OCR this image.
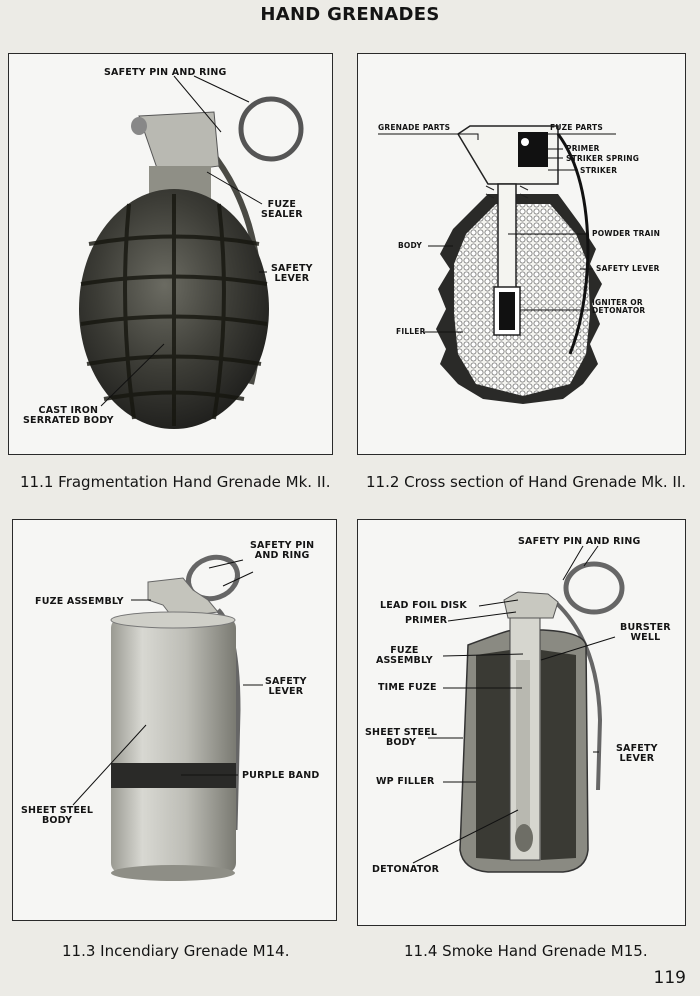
HAND GRENADES
SAFETY PIN AND RING
FUZE
SEALER
SAFETY
LEVER
CAST IRON
SERRATED BODY
11.1 Fragmentation Hand Grenade Mk. II.
GRENADE PARTS	FUZE PARTS
PRIMER
STRIKER SPRING
STRIKER
BODY
POWDER TRAIN
SAFETY LEVER
IGNITER OR
DETONATOR
FILLER
11.2 Cross section of Hand Grenade Mk. II.
SAFETY PIN
AND RING
FUZE ASSEMBLY
SAFETY
LEVER
PURPLE BAND
SHEET STEEL
BODY
11.3 Incendiary Grenade M14.
SAFETY PIN AND RING
LEAD FOIL DISK
PRIMER
BURSTER
WELL
FUZE
ASSEMBLY
TIME FUZE
SHEET STEEL
BODY
SAFETY
LEVER
WP FILLER
DETONATOR
11.4 Smoke Hand Grenade M15.
119
